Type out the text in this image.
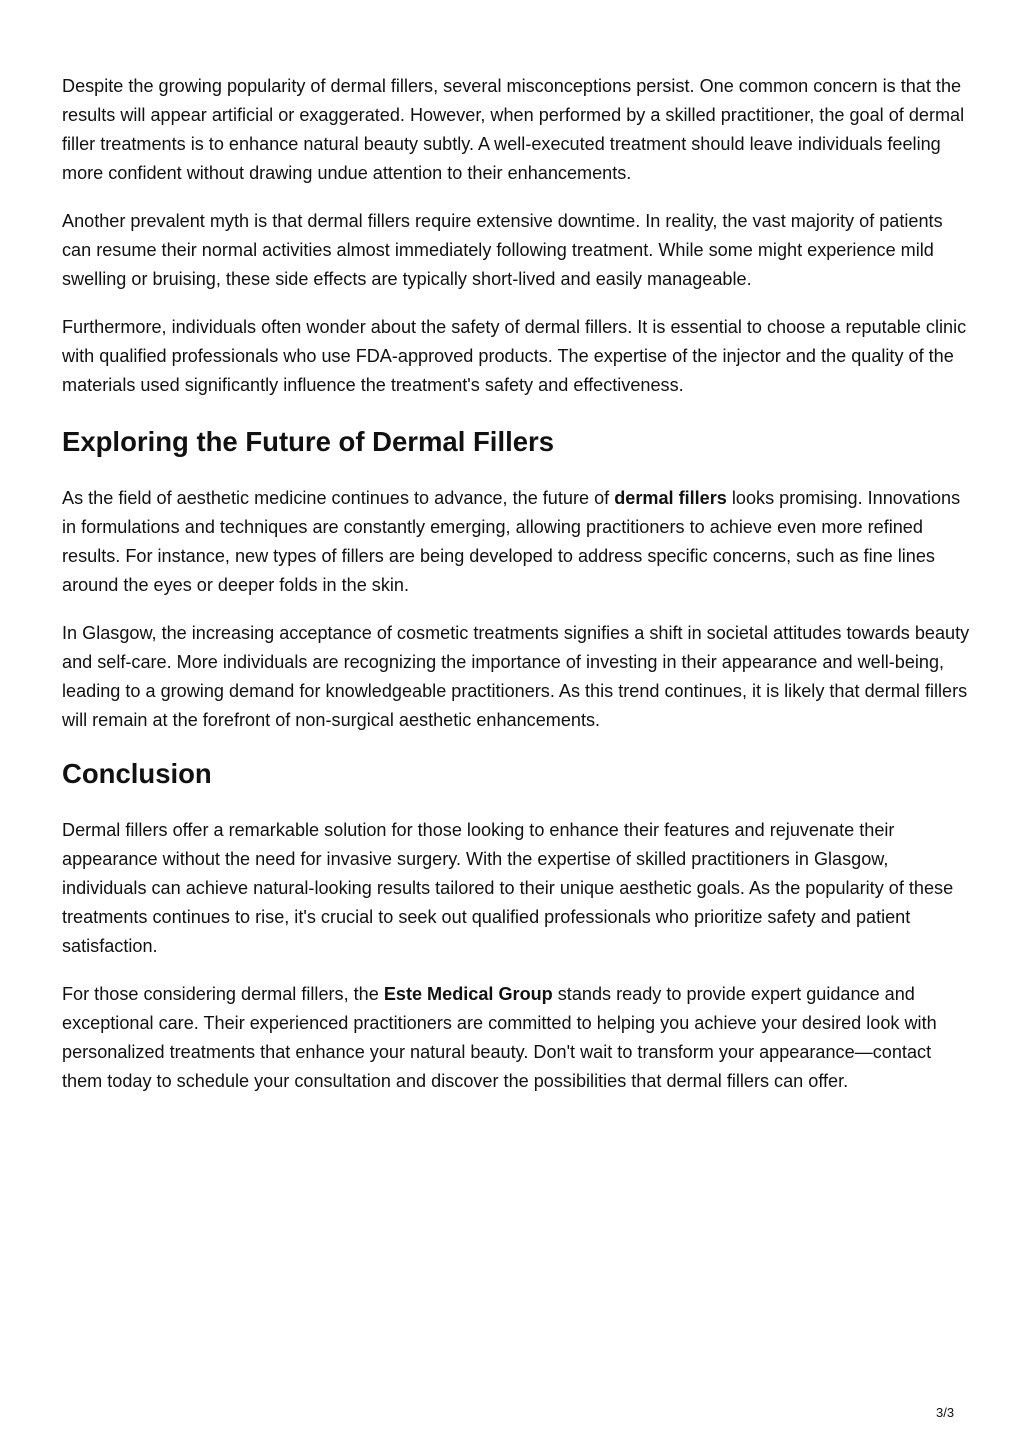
Despite the growing popularity of dermal fillers, several misconceptions persist. One common concern is that the results will appear artificial or exaggerated. However, when performed by a skilled practitioner, the goal of dermal filler treatments is to enhance natural beauty subtly. A well-executed treatment should leave individuals feeling more confident without drawing undue attention to their enhancements.

Another prevalent myth is that dermal fillers require extensive downtime. In reality, the vast majority of patients can resume their normal activities almost immediately following treatment. While some might experience mild swelling or bruising, these side effects are typically short-lived and easily manageable.

Furthermore, individuals often wonder about the safety of dermal fillers. It is essential to choose a reputable clinic with qualified professionals who use FDA-approved products. The expertise of the injector and the quality of the materials used significantly influence the treatment's safety and effectiveness.

Exploring the Future of Dermal Fillers

As the field of aesthetic medicine continues to advance, the future of dermal fillers looks promising. Innovations in formulations and techniques are constantly emerging, allowing practitioners to achieve even more refined results. For instance, new types of fillers are being developed to address specific concerns, such as fine lines around the eyes or deeper folds in the skin.

In Glasgow, the increasing acceptance of cosmetic treatments signifies a shift in societal attitudes towards beauty and self-care. More individuals are recognizing the importance of investing in their appearance and well-being, leading to a growing demand for knowledgeable practitioners. As this trend continues, it is likely that dermal fillers will remain at the forefront of non-surgical aesthetic enhancements.

Conclusion

Dermal fillers offer a remarkable solution for those looking to enhance their features and rejuvenate their appearance without the need for invasive surgery. With the expertise of skilled practitioners in Glasgow, individuals can achieve natural-looking results tailored to their unique aesthetic goals. As the popularity of these treatments continues to rise, it's crucial to seek out qualified professionals who prioritize safety and patient satisfaction.

For those considering dermal fillers, the Este Medical Group stands ready to provide expert guidance and exceptional care. Their experienced practitioners are committed to helping you achieve your desired look with personalized treatments that enhance your natural beauty. Don't wait to transform your appearance—contact them today to schedule your consultation and discover the possibilities that dermal fillers can offer.

3/3
